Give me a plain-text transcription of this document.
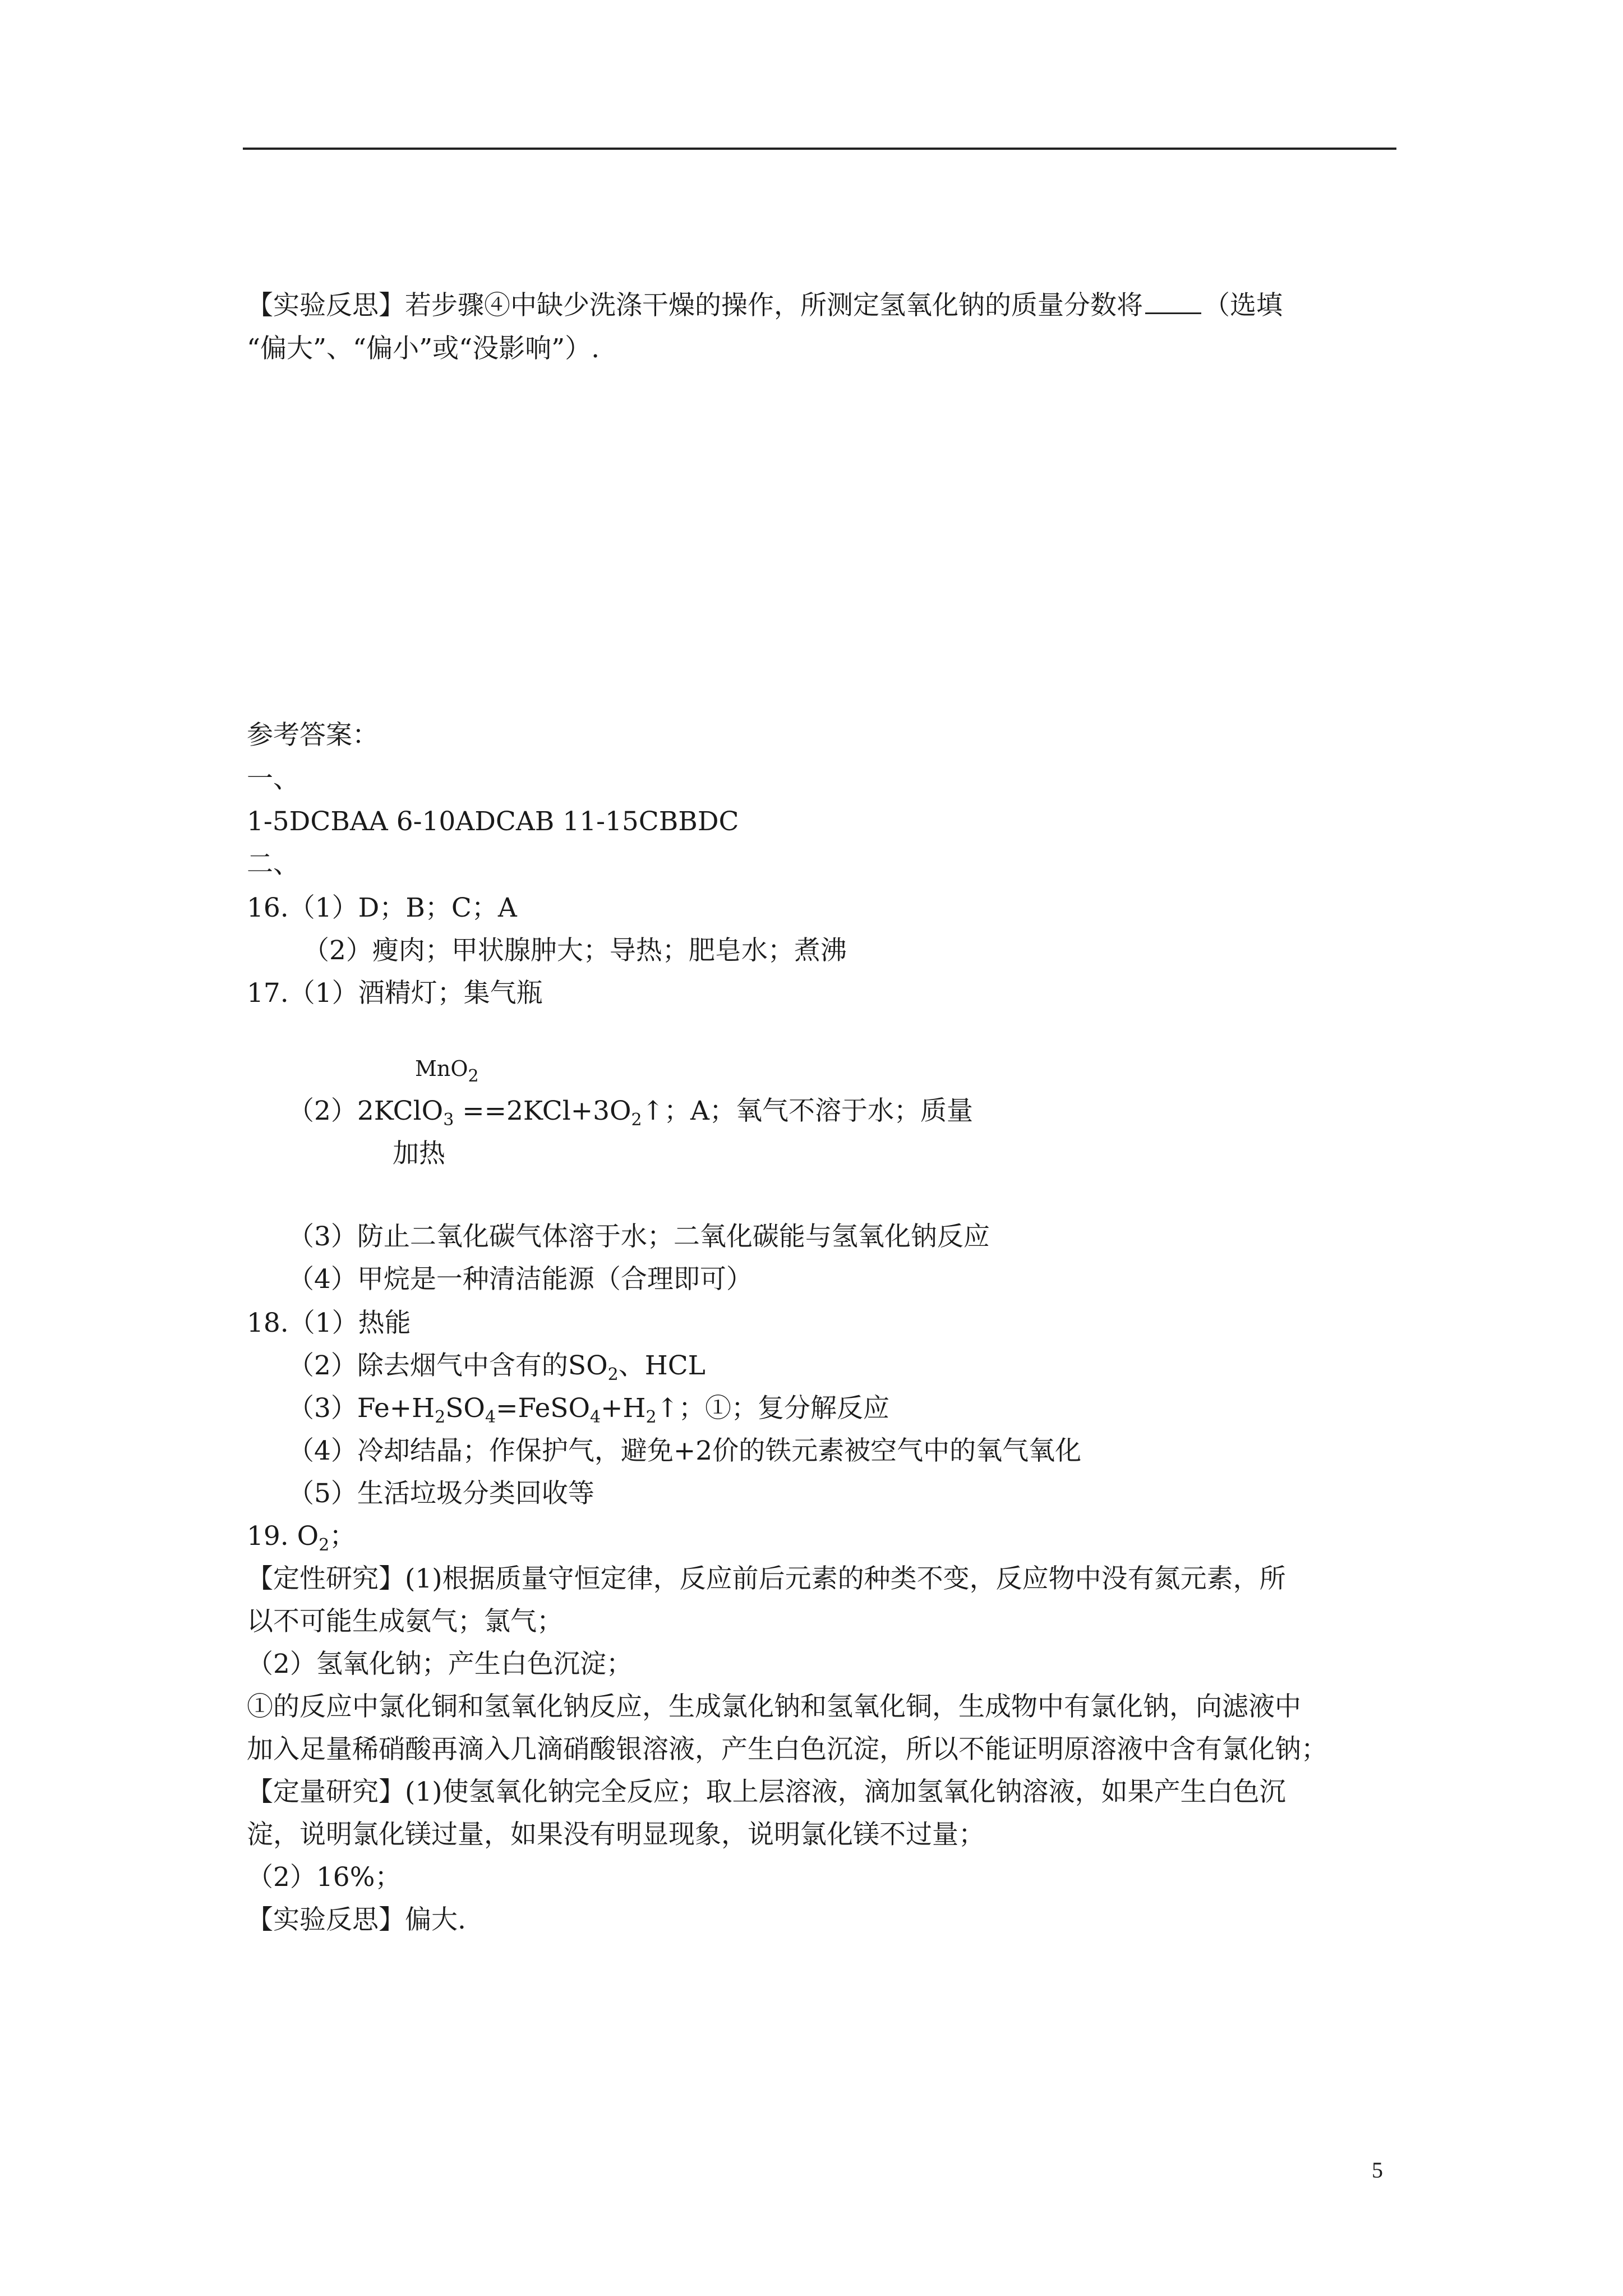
【实验反思】若步骤④中缺少洗涤干燥的操作，所测定氢氧化钠的质量分数将 （选填
“偏大”、“偏小”或“没影响”）.
参考答案：
一、
1-5DCBAA 6-10ADCAB 11-15CBBDC
二、
16.（1）D；B；C；A
（2）瘦肉；甲状腺肿大；导热；肥皂水；煮沸
17.（1）酒精灯；集气瓶
MnO$_2$
（2）2KClO$_3$ $==2KCl+3O_2↑$；A；氧气不溶于水；质量
加热
（3）防止二氧化碳气体溶于水；二氧化碳能与氢氧化钠反应
（4）甲烷是一种清洁能源（合理即可）
18.（1）热能
（2）除去烟气中含有的$SO_2$、HCL
$(3)Fe+H_2SO_4=FeSO_4+H_2↑$；①；复分解反应
（4）冷却结晶；作保护气，避免+2价的铁元素被空气中的氧气氧化
（5）生活垃圾分类回收等
19. $O_2$；
【定性研究】(1)根据质量守恒定律，反应前后元素的种类不变，反应物中没有氮元素，所
以不可能生成氨气；氯气；
（2）氢氧化钠；产生白色沉淀；
①的反应中氯化铜和氢氧化钠反应，生成氯化钠和氢氧化铜，生成物中有氯化钠，向滤液中
加入足量稀硝酸再滴入几滴硝酸银溶液，产生白色沉淀，所以不能证明原溶液中含有氯化钠；
【定量研究】(1)使氢氧化钠完全反应；取上层溶液，滴加氢氧化钠溶液，如果产生白色沉
淀，说明氯化镁过量，如果没有明显现象，说明氯化镁不过量；
（2）16%；
【实验反思】偏大.
5
